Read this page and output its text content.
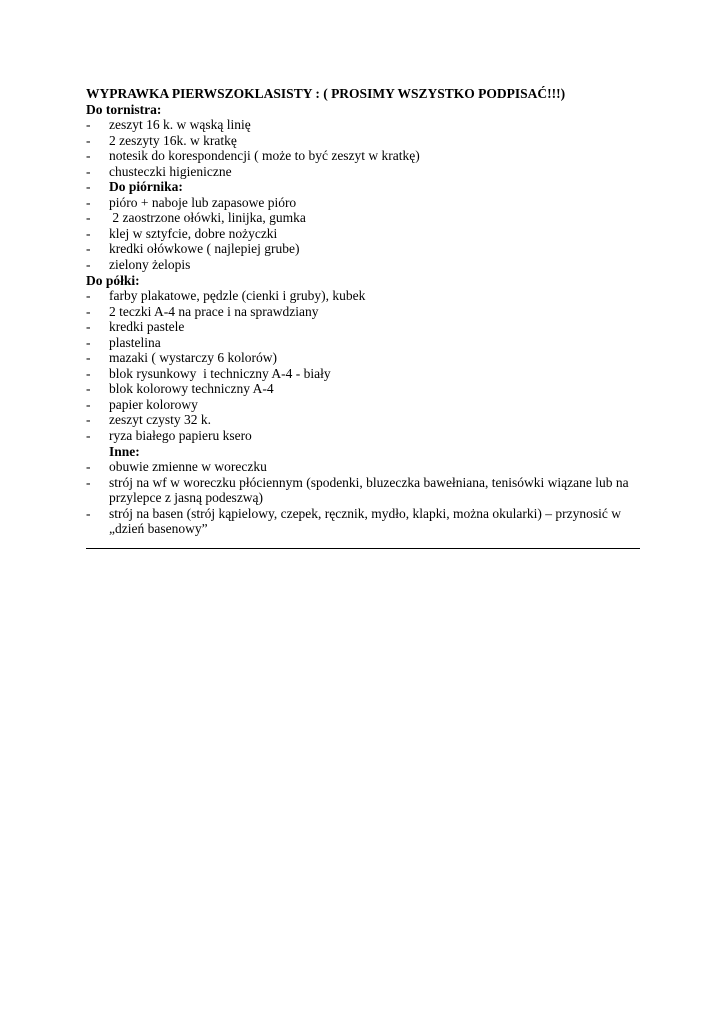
WYPRAWKA PIERWSZOKLASISTY : ( PROSIMY WSZYSTKO PODPISAĆ!!!)
Do tornistra:
-	zeszyt 16 k. w wąską linię
-	2 zeszyty 16k. w kratkę
-	notesik do korespondencji ( może to być zeszyt w kratkę)
-	chusteczki higieniczne
-	Do piórnika:
-	pióro + naboje lub zapasowe pióro
-	2 zaostrzone ołówki, linijka, gumka
-	klej w sztyfcie, dobre nożyczki
-	kredki ołówkowe ( najlepiej grube)
-	zielony żelopis
Do półki:
-	farby plakatowe, pędzle (cienki i gruby), kubek
-	2 teczki A-4 na prace i na sprawdziany
-	kredki pastele
-	plastelina
-	mazaki ( wystarczy 6 kolorów)
-	blok rysunkowy  i techniczny A-4 - biały
-	blok kolorowy techniczny A-4
-	papier kolorowy
-	zeszyt czysty 32 k.
-	ryza białego papieru ksero
Inne:
-	obuwie zmienne w woreczku
-	strój na wf w woreczku płóciennym (spodenki, bluzeczka bawełniana, tenisówki wiązane lub na przylepce z jasną podeszwą)
-	strój na basen (strój kąpielowy, czepek, ręcznik, mydło, klapki, można okularki) – przynosić w „dzień basenowy”
